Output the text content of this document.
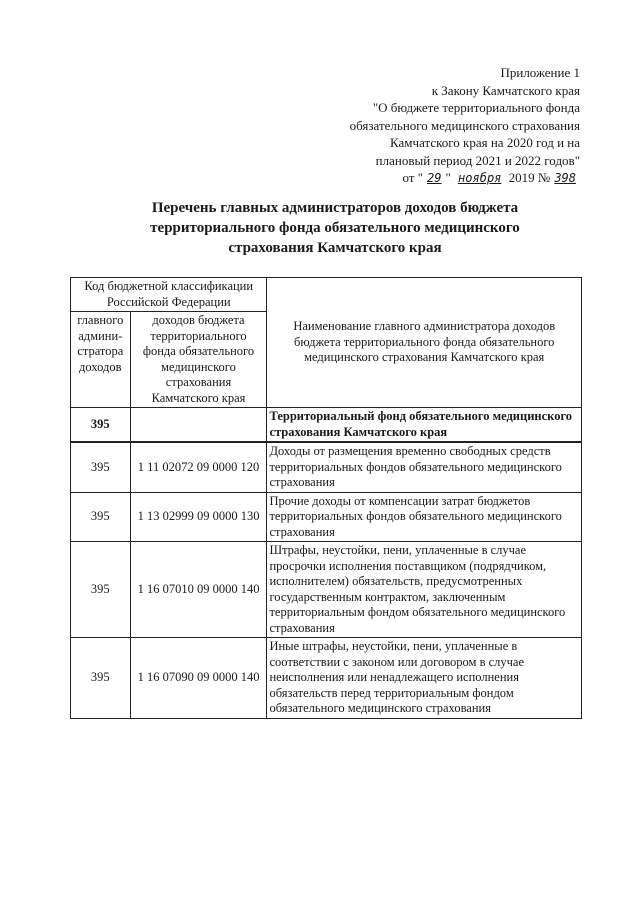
Приложение 1
к Закону Камчатского края
"О бюджете территориального фонда
обязательного медицинского страхования
Камчатского края на 2020 год и на
плановый период 2021 и 2022 годов"
от " 29 " ноября 2019 № 398
Перечень главных администраторов доходов бюджета
территориального фонда обязательного медицинского
страхования Камчатского края
Код бюджетной классификации Российской Федерации		Наименование главного администратора доходов бюджета территориального фонда обязательного медицинского страхования Камчатского края
главного админи-стратора доходов	доходов бюджета территориального фонда обязательного медицинского страхования Камчатского края	
395		Территориальный фонд обязательного медицинского страхования Камчатского края
395	1 11 02072 09 0000 120	Доходы от размещения временно свободных средств территориальных фондов обязательного медицинского страхования
395	1 13 02999 09 0000 130	Прочие доходы от компенсации затрат бюджетов территориальных фондов обязательного медицинского страхования
395	1 16 07010 09 0000 140	Штрафы, неустойки, пени, уплаченные в случае просрочки исполнения поставщиком (подрядчиком, исполнителем) обязательств, предусмотренных государственным контрактом, заключенным территориальным фондом обязательного медицинского страхования
395	1 16 07090 09 0000 140	Иные штрафы, неустойки, пени, уплаченные в соответствии с законом или договором в случае неисполнения или ненадлежащего исполнения обязательств перед территориальным фондом обязательного медицинского страхования
